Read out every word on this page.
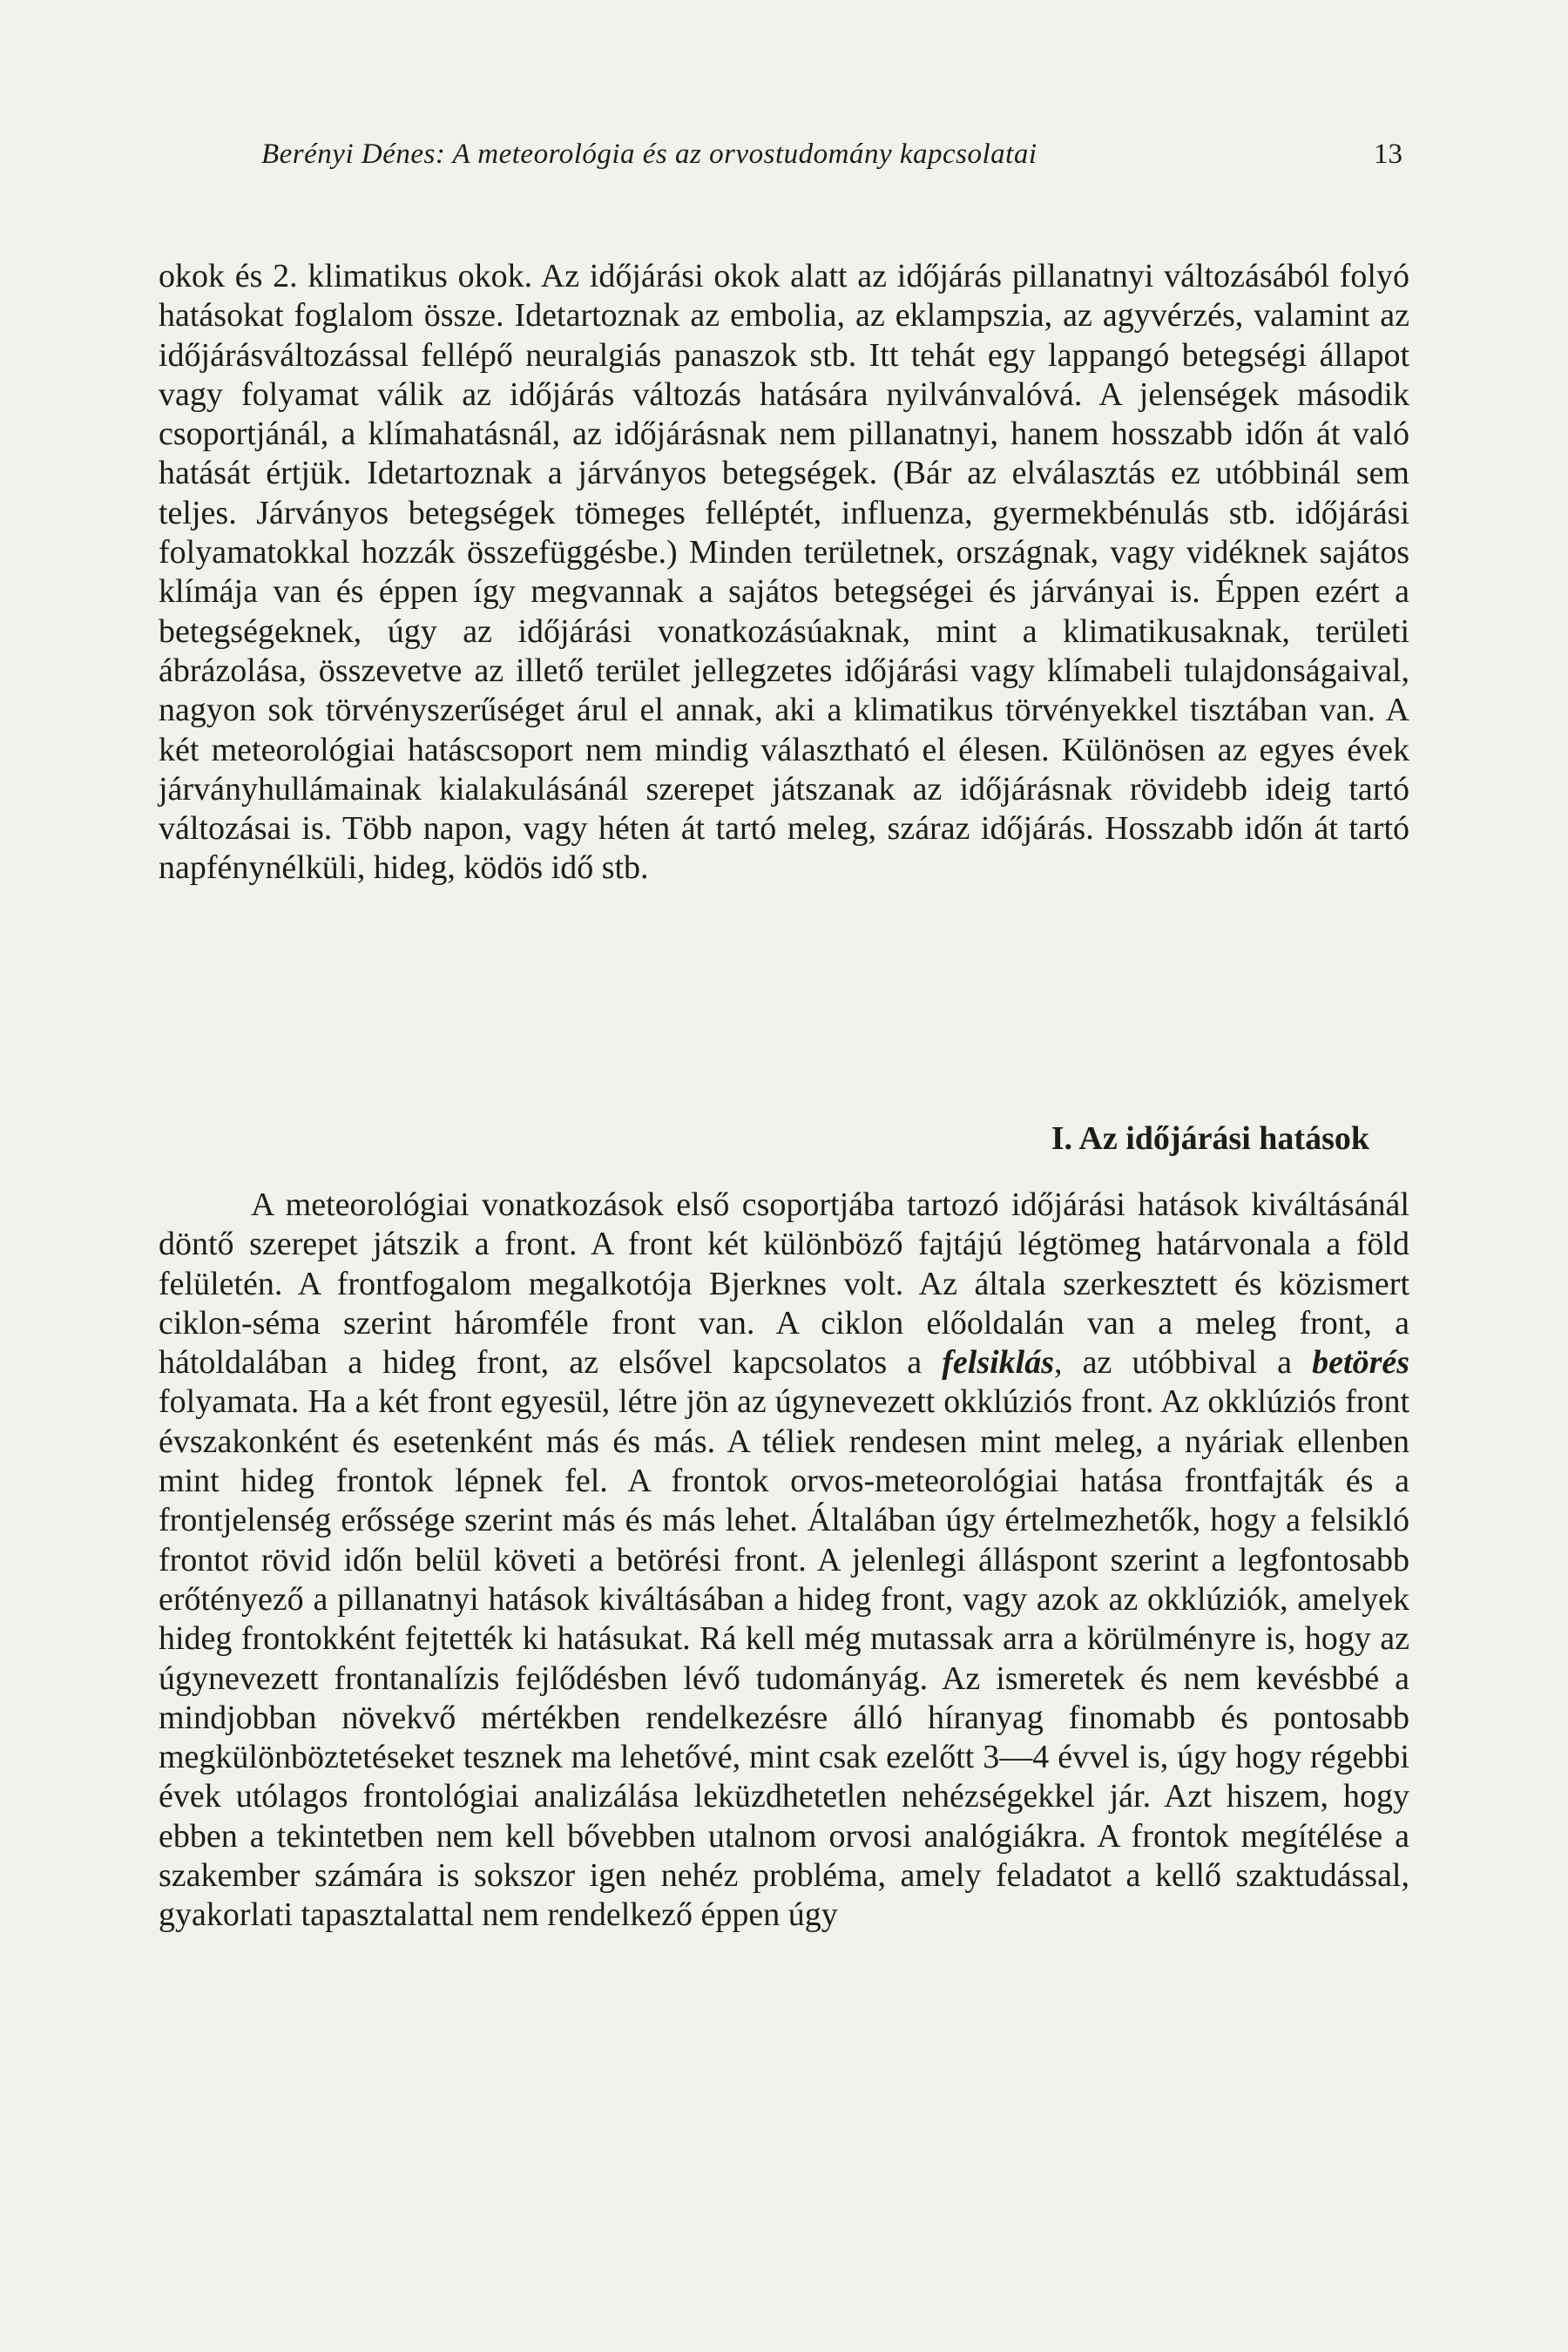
Berényi Dénes: A meteorológia és az orvostudomány kapcsolatai	13

okok és 2. klimatikus okok. Az időjárási okok alatt az időjárás pillanatnyi változásából folyó hatásokat foglalom össze. Idetartoznak az embolia, az eklampszia, az agyvérzés, valamint az időjárásváltozással fellépő neuralgiás panaszok stb. Itt tehát egy lappangó betegségi állapot vagy folyamat válik az időjárás változás hatására nyilvánvalóvá. A jelenségek második csoportjánál, a klímahatásnál, az időjárásnak nem pillanatnyi, hanem hosszabb időn át való hatását értjük. Idetartoznak a járványos betegségek. (Bár az elválasztás ez utóbbinál sem teljes. Járványos betegségek tömeges felléptét, influenza, gyermekbénulás stb. időjárási folyamatokkal hozzák összefüggésbe.) Minden területnek, országnak, vagy vidéknek sajátos klímája van és éppen így megvannak a sajátos betegségei és járványai is. Éppen ezért a betegségeknek, úgy az időjárási vonatkozásúaknak, mint a klimatikusaknak, területi ábrázolása, összevetve az illető terület jellegzetes időjárási vagy klímabeli tulajdonságaival, nagyon sok törvényszerűséget árul el annak, aki a klimatikus törvényekkel tisztában van. A két meteorológiai hatáscsoport nem mindig választható el élesen. Különösen az egyes évek járványhullámainak kialakulásánál szerepet játszanak az időjárásnak rövidebb ideig tartó változásai is. Több napon, vagy héten át tartó meleg, száraz időjárás. Hosszabb időn át tartó napfénynélküli, hideg, ködös idő stb.

I. Az időjárási hatások

A meteorológiai vonatkozások első csoportjába tartozó időjárási hatások kiváltásánál döntő szerepet játszik a front. A front két különböző fajtájú légtömeg határvonala a föld felületén. A frontfogalom megalkotója Bjerknes volt. Az általa szerkesztett és közismert ciklon-séma szerint háromféle front van. A ciklon előoldalán van a meleg front, a hátoldalában a hideg front, az elsővel kapcsolatos a felsiklás, az utóbbival a betörés folyamata. Ha a két front egyesül, létre jön az úgynevezett okklúziós front. Az okklúziós front évszakonként és esetenként más és más. A téliek rendesen mint meleg, a nyáriak ellenben mint hideg frontok lépnek fel. A frontok orvos-meteorológiai hatása frontfajták és a frontjelenség erőssége szerint más és más lehet. Általában úgy értelmezhetők, hogy a felsikló frontot rövid időn belül követi a betörési front. A jelenlegi álláspont szerint a legfontosabb erőtényező a pillanatnyi hatások kiváltásában a hideg front, vagy azok az okklúziók, amelyek hideg frontokként fejtették ki hatásukat. Rá kell még mutassak arra a körülményre is, hogy az úgynevezett frontanalízis fejlődésben lévő tudományág. Az ismeretek és nem kevésbbé a mindjobban növekvő mértékben rendelkezésre álló híranyag finomabb és pontosabb megkülönböztetéseket tesznek ma lehetővé, mint csak ezelőtt 3—4 évvel is, úgy hogy régebbi évek utólagos frontológiai analizálása leküzdhetetlen nehézségekkel jár. Azt hiszem, hogy ebben a tekintetben nem kell bővebben utalnom orvosi analógiákra. A frontok megítélése a szakember számára is sokszor igen nehéz probléma, amely feladatot a kellő szaktudással, gyakorlati tapasztalattal nem rendelkező éppen úgy
